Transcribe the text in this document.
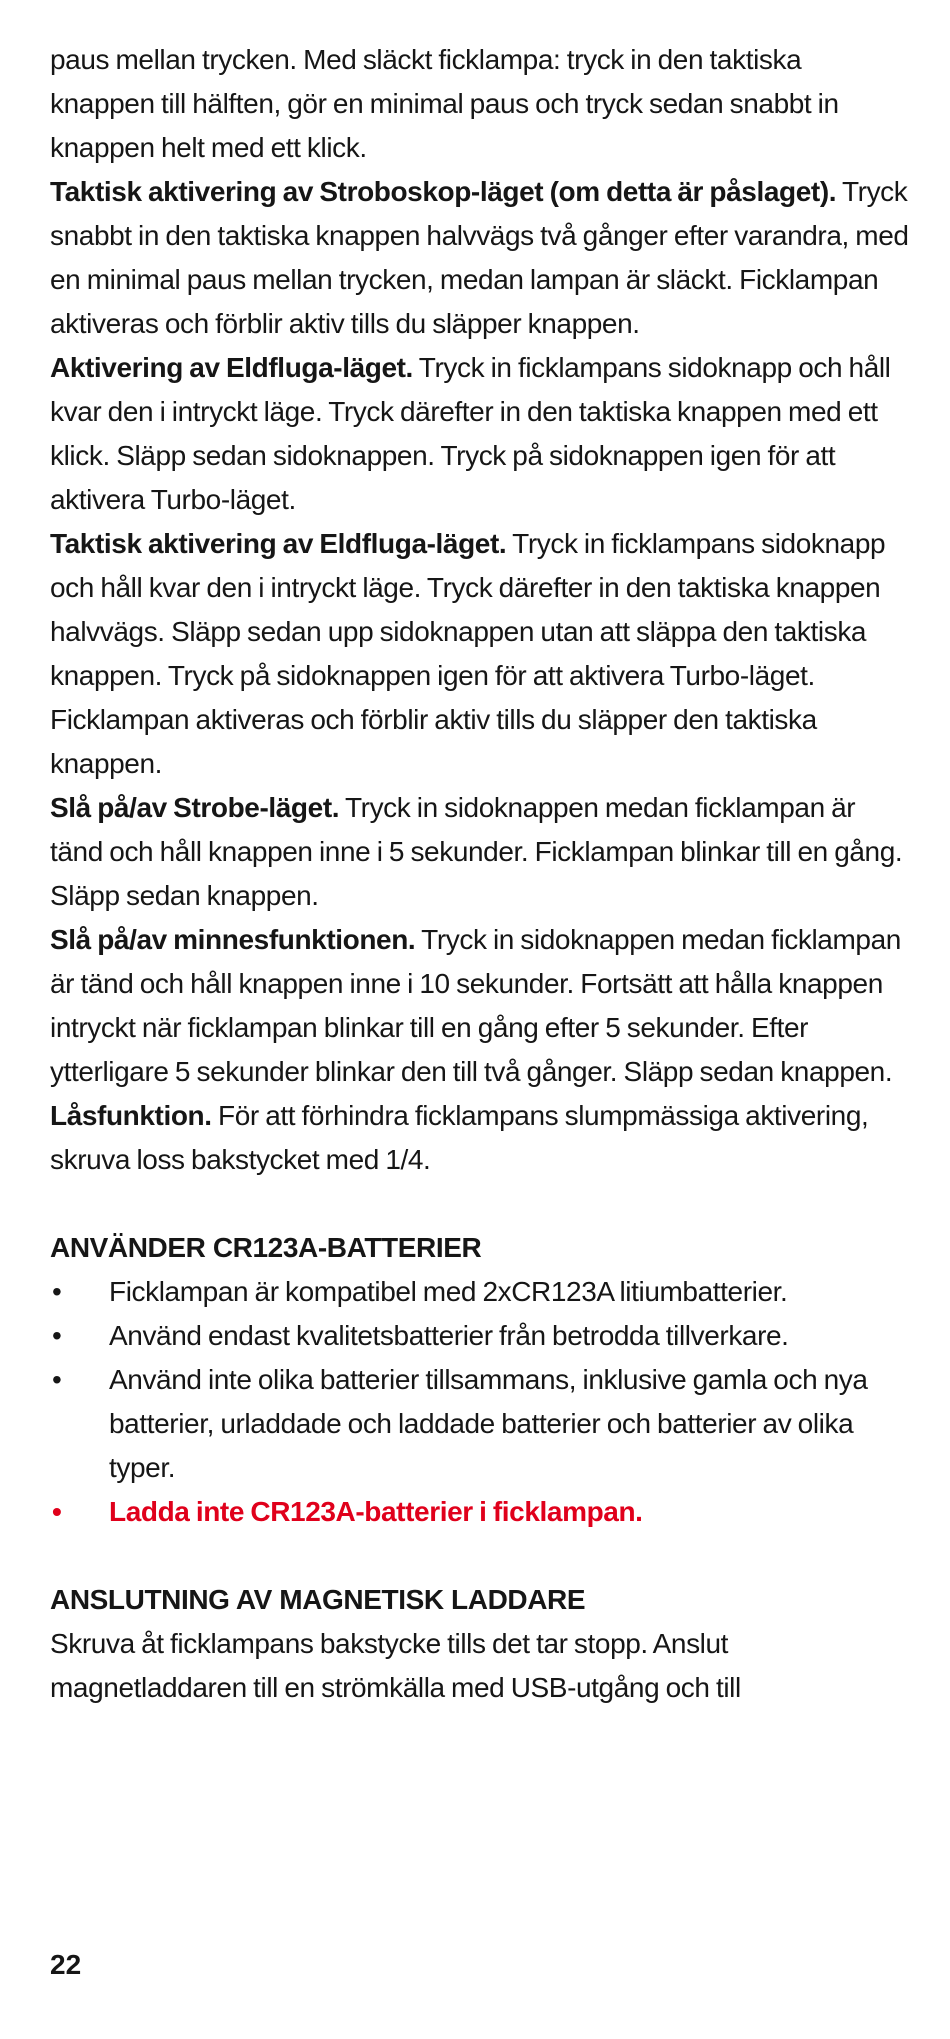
paus mellan trycken. Med släckt ficklampa: tryck in den taktiska knappen till hälften, gör en minimal paus och tryck sedan snabbt in knappen helt med ett klick.

Taktisk aktivering av Stroboskop-läget (om detta är påslaget). Tryck snabbt in den taktiska knappen halvvägs två gånger efter varandra, med en minimal paus mellan trycken, medan lampan är släckt. Ficklampan aktiveras och förblir aktiv tills du släpper knappen.

Aktivering av Eldfluga-läget. Tryck in ficklampans sidoknapp och håll kvar den i intryckt läge. Tryck därefter in den taktiska knappen med ett klick. Släpp sedan sidoknappen. Tryck på sidoknappen igen för att aktivera Turbo-läget.

Taktisk aktivering av Eldfluga-läget. Tryck in ficklampans sidoknapp och håll kvar den i intryckt läge. Tryck därefter in den taktiska knappen halvvägs. Släpp sedan upp sidoknappen utan att släppa den taktiska knappen. Tryck på sidoknappen igen för att aktivera Turbo-läget. Ficklampan aktiveras och förblir aktiv tills du släpper den taktiska knappen.

Slå på/av Strobe-läget. Tryck in sidoknappen medan ficklampan är tänd och håll knappen inne i 5 sekunder. Ficklampan blinkar till en gång. Släpp sedan knappen.

Slå på/av minnesfunktionen. Tryck in sidoknappen medan ficklampan är tänd och håll knappen inne i 10 sekunder. Fortsätt att hålla knappen intryckt när ficklampan blinkar till en gång efter 5 sekunder. Efter ytterligare 5 sekunder blinkar den till två gånger. Släpp sedan knappen.

Låsfunktion. För att förhindra ficklampans slumpmässiga aktivering, skruva loss bakstycket med 1/4.

ANVÄNDER CR123A-BATTERIER
• Ficklampan är kompatibel med 2xCR123A litiumbatterier.
• Använd endast kvalitetsbatterier från betrodda tillverkare.
• Använd inte olika batterier tillsammans, inklusive gamla och nya batterier, urladdade och laddade batterier och batterier av olika typer.
• Ladda inte CR123A-batterier i ficklampan.
ANSLUTNING AV MAGNETISK LADDARE

Skruva åt ficklampans bakstycke tills det tar stopp. Anslut magnetladdaren till en strömkälla med USB-utgång och till

22
